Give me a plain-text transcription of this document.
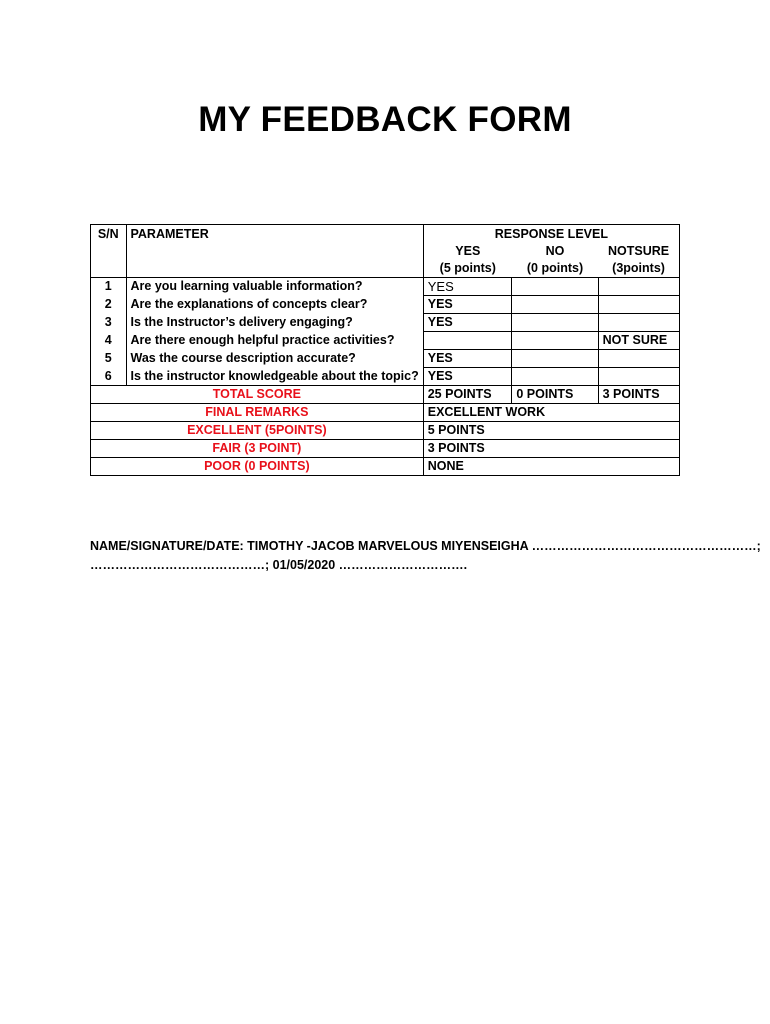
MY FEEDBACK FORM
S/N	PARAMETER	RESPONSE LEVEL		
		YES	NO	NOTSURE
		(5 points)	(0 points)	(3points)
1	Are you learning valuable information?	YES		
2	Are the explanations of concepts clear?	YES		
3	Is the Instructor’s delivery engaging?	YES		
4	Are there enough helpful practice activities?			NOT SURE
5	Was the course description accurate?	YES		
6	Is the instructor knowledgeable about the topic?	YES		
TOTAL SCORE		25 POINTS	0 POINTS	3 POINTS
FINAL REMARKS		EXCELLENT WORK		
EXCELLENT (5POINTS)		5 POINTS		
FAIR (3 POINT)		3 POINTS		
POOR (0 POINTS)		NONE		
NAME/SIGNATURE/DATE: TIMOTHY -JACOB MARVELOUS MIYENSEIGHA ………………………………………………;
……………………………………; 01/05/2020 ………………………….
